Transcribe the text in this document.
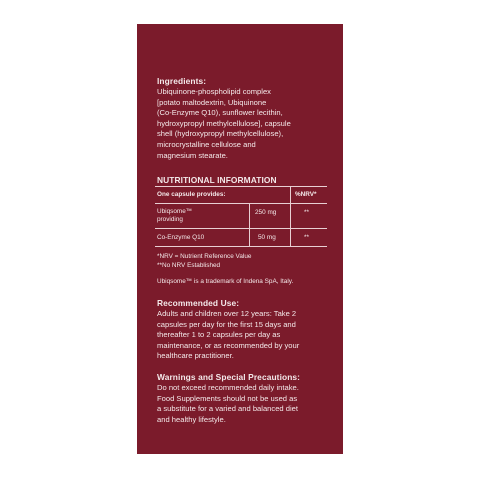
Ingredients:
Ubiquinone-phospholipid complex
[potato maltodextrin, Ubiquinone
(Co-Enzyme Q10), sunflower lecithin,
hydroxypropyl methylcellulose], capsule
shell (hydroxypropyl methylcellulose),
microcrystalline cellulose and
magnesium stearate.
NUTRITIONAL INFORMATION
One capsule provides:	%NRV*
Ubiqsome™
providing
250 mg	**
Co-Enzyme Q10	50 mg	**
*NRV = Nutrient Reference Value
**No NRV Established
Ubiqsome™ is a trademark of Indena SpA, Italy.
Recommended Use:
Adults and children over 12 years: Take 2
capsules per day for the first 15 days and
thereafter 1 to 2 capsules per day as
maintenance, or as recommended by your
healthcare practitioner.
Warnings and Special Precautions:
Do not exceed recommended daily intake.
Food Supplements should not be used as
a substitute for a varied and balanced diet
and healthy lifestyle.
